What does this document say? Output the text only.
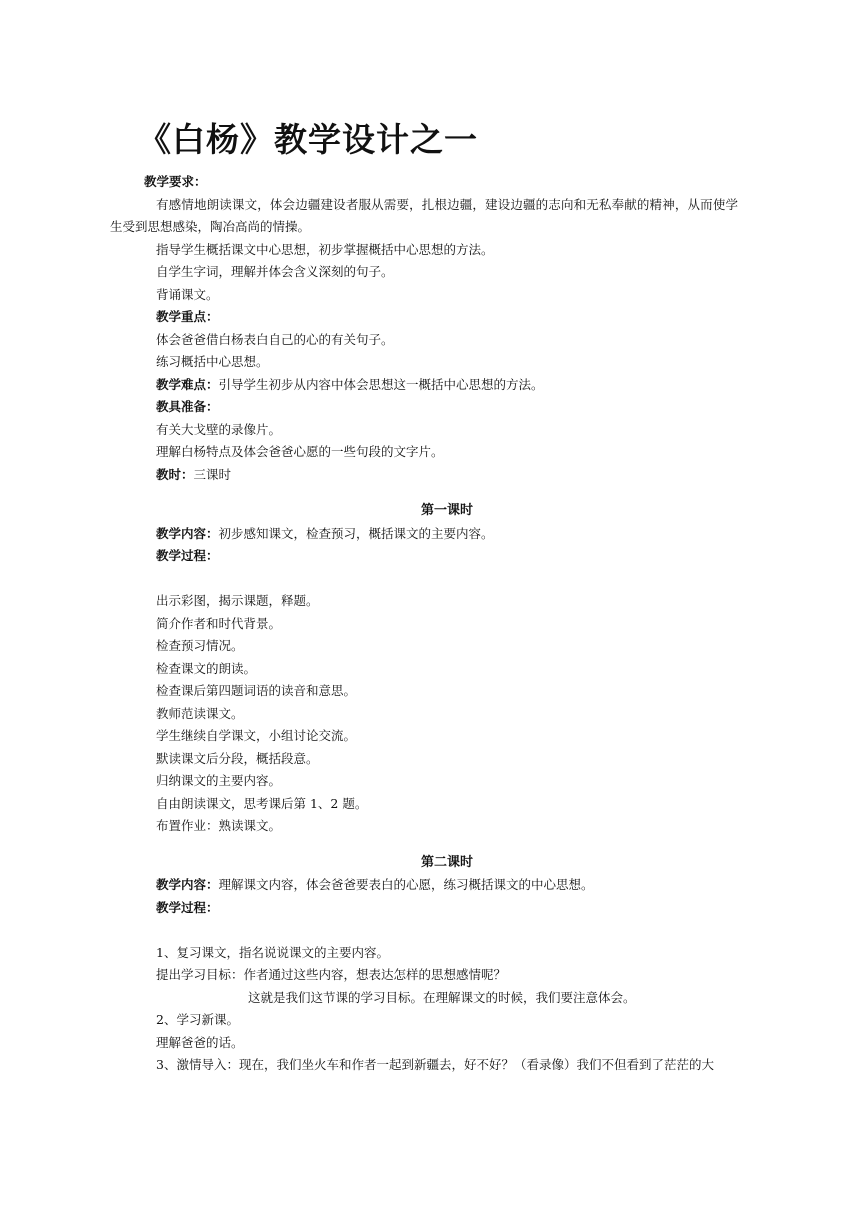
《白杨》教学设计之一
教学要求：
有感情地朗读课文，体会边疆建设者服从需要，扎根边疆，建设边疆的志向和无私奉献的精神，从而使学生受到思想感染，陶冶高尚的情操。
指导学生概括课文中心思想，初步掌握概括中心思想的方法。
自学生字词，理解并体会含义深刻的句子。
背诵课文。
教学重点：
体会爸爸借白杨表白自己的心的有关句子。
练习概括中心思想。
教学难点：引导学生初步从内容中体会思想这一概括中心思想的方法。
教具准备：
有关大戈壁的录像片。
理解白杨特点及体会爸爸心愿的一些句段的文字片。
教时：三课时
第一课时
教学内容：初步感知课文，检查预习，概括课文的主要内容。
教学过程：
出示彩图，揭示课题，释题。
简介作者和时代背景。
检查预习情况。
检查课文的朗读。
检查课后第四题词语的读音和意思。
教师范读课文。
学生继续自学课文，小组讨论交流。
默读课文后分段，概括段意。
归纳课文的主要内容。
自由朗读课文，思考课后第 1、2 题。
布置作业：熟读课文。
第二课时
教学内容：理解课文内容，体会爸爸要表白的心愿，练习概括课文的中心思想。
教学过程：
1、复习课文，指名说说课文的主要内容。
提出学习目标：作者通过这些内容，想表达怎样的思想感情呢？
这就是我们这节课的学习目标。在理解课文的时候，我们要注意体会。
2、学习新课。
理解爸爸的话。
3、激情导入：现在，我们坐火车和作者一起到新疆去，好不好？（看录像）我们不但看到了茫茫的大
